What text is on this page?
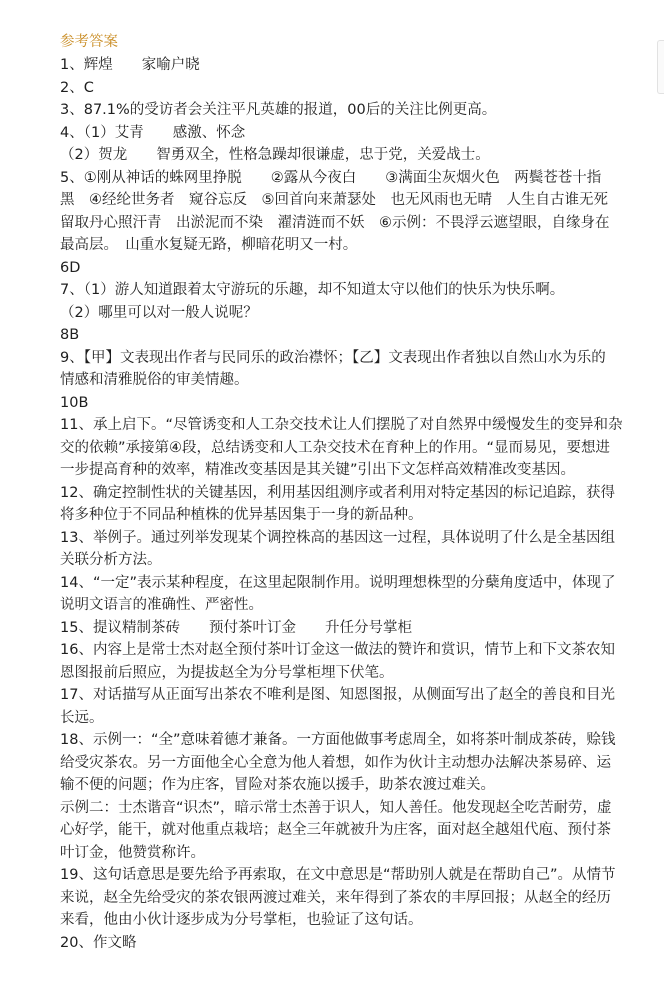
参考答案

1、辉煌　　家喻户晓

2、C

3、87.1%的受访者会关注平凡英雄的报道，00后的关注比例更高。

4、（1）艾青　　感激、怀念

（2）贺龙　　智勇双全，性格急躁却很谦虚，忠于党，关爱战士。

5、①刚从神话的蛛网里挣脱　　②露从今夜白　　③满面尘灰烟火色　两鬓苍苍十指

黑　④经纶世务者　窥谷忘反　⑤回首向来萧瑟处　也无风雨也无晴　人生自古谁无死

留取丹心照汗青　出淤泥而不染　濯清涟而不妖　⑥示例：不畏浮云遮望眼，自缘身在

最高层。　山重水复疑无路，柳暗花明又一村。

6D

7、（1）游人知道跟着太守游玩的乐趣，却不知道太守以他们的快乐为快乐啊。

（2）哪里可以对一般人说呢？

8B

9、【甲】文表现出作者与民同乐的政治襟怀；【乙】文表现出作者独以自然山水为乐的

情感和清雅脱俗的审美情趣。

10B

11、承上启下。“尽管诱变和人工杂交技术让人们摆脱了对自然界中缓慢发生的变异和杂

交的依赖”承接第④段，总结诱变和人工杂交技术在育种上的作用。“显而易见，要想进

一步提高育种的效率，精准改变基因是其关键”引出下文怎样高效精准改变基因。

12、确定控制性状的关键基因，利用基因组测序或者利用对特定基因的标记追踪，获得

将多种位于不同品种植株的优异基因集于一身的新品种。

13、举例子。通过列举发现某个调控株高的基因这一过程，具体说明了什么是全基因组

关联分析方法。

14、“一定”表示某种程度，在这里起限制作用。说明理想株型的分蘖角度适中，体现了

说明文语言的准确性、严密性。

15、提议精制茶砖　　预付茶叶订金　　升任分号掌柜

16、内容上是常士杰对赵全预付茶叶订金这一做法的赞许和赏识，情节上和下文茶农知

恩图报前后照应，为提拔赵全为分号掌柜埋下伏笔。

17、对话描写从正面写出茶农不唯利是图、知恩图报，从侧面写出了赵全的善良和目光

长远。

18、示例一：“全”意味着德才兼备。一方面他做事考虑周全，如将茶叶制成茶砖，赊钱

给受灾茶农。另一方面他全心全意为他人着想，如作为伙计主动想办法解决茶易碎、运

输不便的问题；作为庄客，冒险对茶农施以援手，助茶农渡过难关。

示例二：士杰谐音“识杰”，暗示常士杰善于识人，知人善任。他发现赵全吃苦耐劳，虚

心好学，能干，就对他重点栽培；赵全三年就被升为庄客，面对赵全越俎代庖、预付茶

叶订金，他赞赏称许。

19、这句话意思是要先给予再索取，在文中意思是“帮助别人就是在帮助自己”。从情节

来说，赵全先给受灾的茶农银两渡过难关，来年得到了茶农的丰厚回报；从赵全的经历

来看，他由小伙计逐步成为分号掌柜，也验证了这句话。

20、作文略
